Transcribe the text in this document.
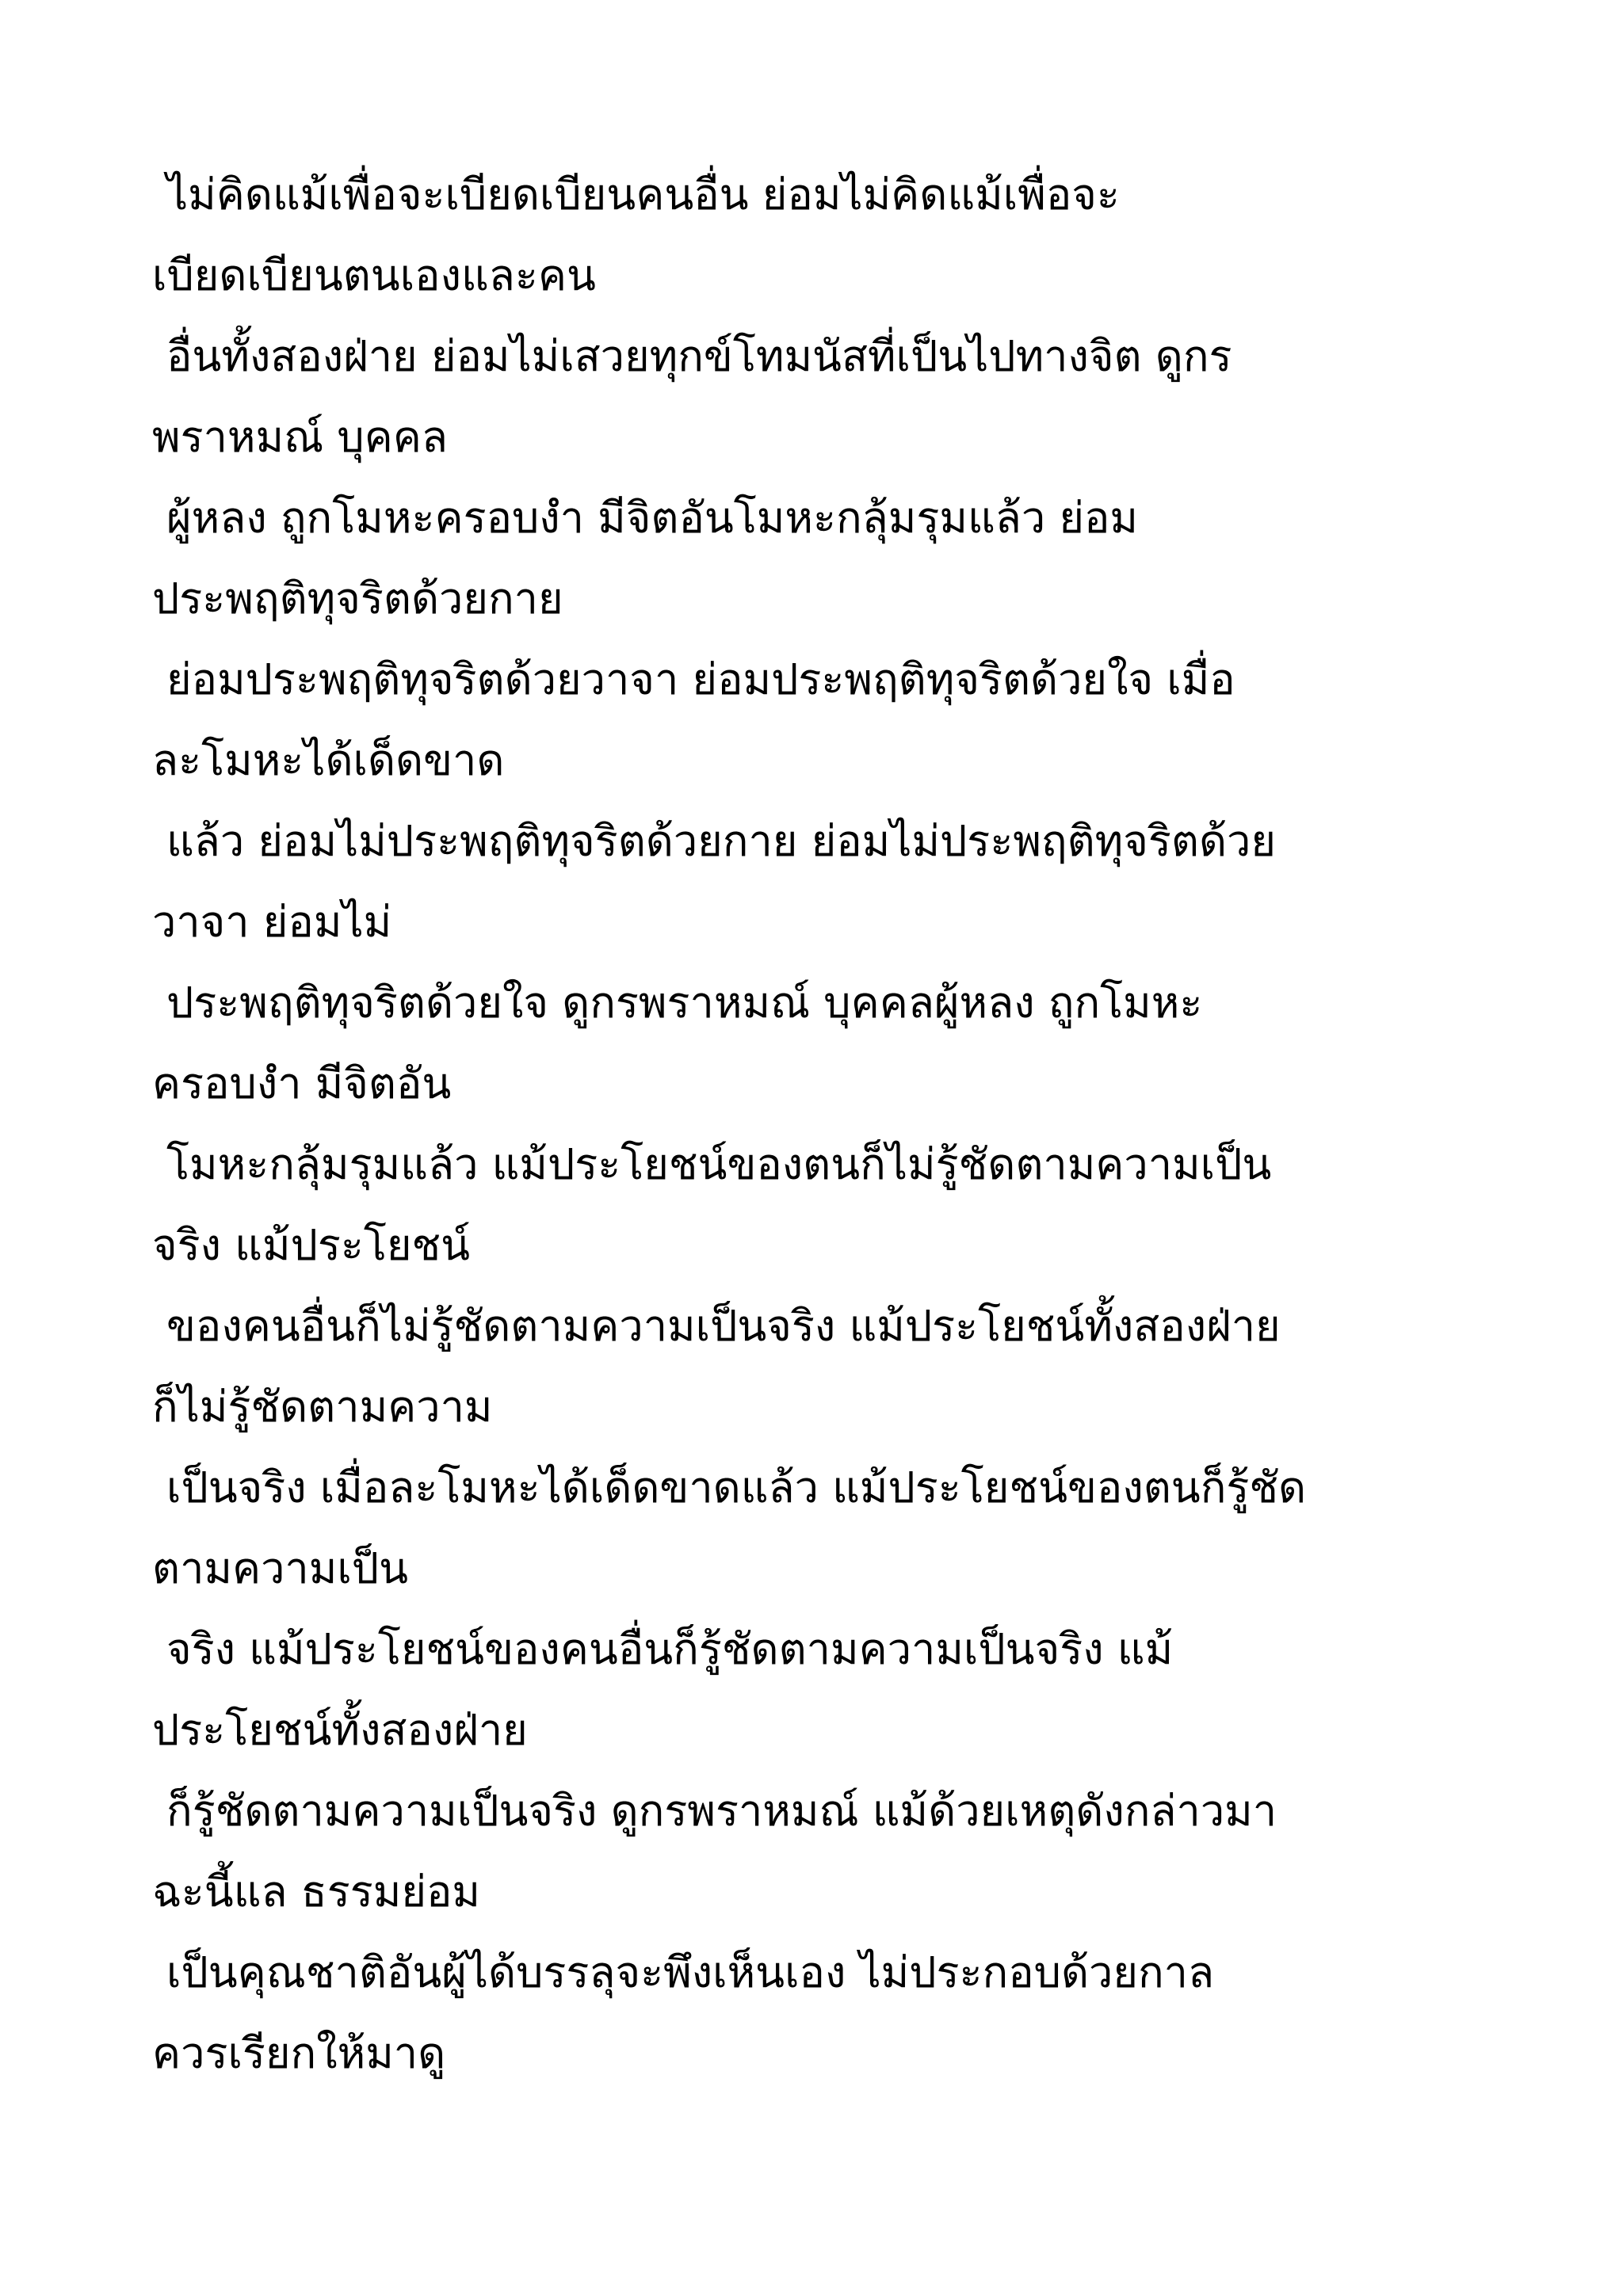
ไม่คิดแม้เพื่อจะเบียดเบียนคนอื่น ย่อมไม่คิดแม้เพื่อจะ
เบียดเบียนตนเองและคน
อื่นทั้งสองฝ่าย ย่อมไม่เสวยทุกข์โทมนัสที่เป็นไปทางจิต ดูกร
พราหมณ์ บุคคล
ผู้หลง ถูกโมหะครอบงำ มีจิตอันโมหะกลุ้มรุมแล้ว ย่อม
ประพฤติทุจริตด้วยกาย
ย่อมประพฤติทุจริตด้วยวาจา ย่อมประพฤติทุจริตด้วยใจ เมื่อ
ละโมหะได้เด็ดขาด
แล้ว ย่อมไม่ประพฤติทุจริตด้วยกาย ย่อมไม่ประพฤติทุจริตด้วย
วาจา ย่อมไม่
ประพฤติทุจริตด้วยใจ ดูกรพราหมณ์ บุคคลผู้หลง ถูกโมหะ
ครอบงำ มีจิตอัน
โมหะกลุ้มรุมแล้ว แม้ประโยชน์ของตนก็ไม่รู้ชัดตามความเป็น
จริง แม้ประโยชน์
ของคนอื่นก็ไม่รู้ชัดตามความเป็นจริง แม้ประโยชน์ทั้งสองฝ่าย
ก็ไม่รู้ชัดตามความ
เป็นจริง เมื่อละโมหะได้เด็ดขาดแล้ว แม้ประโยชน์ของตนก็รู้ชัด
ตามความเป็น
จริง แม้ประโยชน์ของคนอื่นก็รู้ชัดตามความเป็นจริง แม้
ประโยชน์ทั้งสองฝ่าย
ก็รู้ชัดตามความเป็นจริง ดูกรพราหมณ์ แม้ด้วยเหตุดังกล่าวมา
ฉะนี้แล ธรรมย่อม
เป็นคุณชาติอันผู้ได้บรรลุจะพึงเห็นเอง ไม่ประกอบด้วยกาล
ควรเรียกให้มาดู
